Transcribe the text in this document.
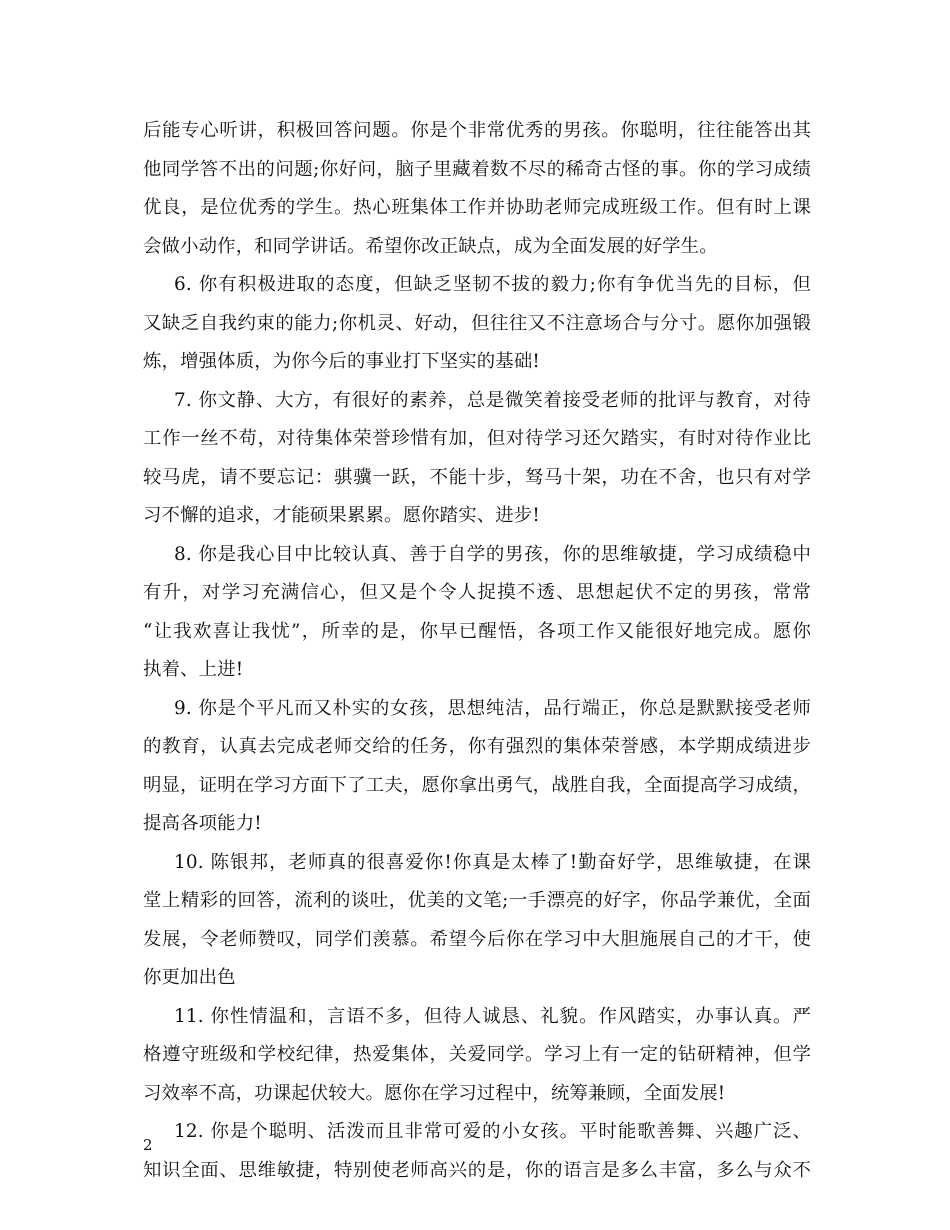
后能专心听讲，积极回答问题。你是个非常优秀的男孩。你聪明，往往能答出其
他同学答不出的问题;你好问，脑子里藏着数不尽的稀奇古怪的事。你的学习成绩
优良，是位优秀的学生。热心班集体工作并协助老师完成班级工作。但有时上课
会做小动作，和同学讲话。希望你改正缺点，成为全面发展的好学生。
6. 你有积极进取的态度，但缺乏坚韧不拔的毅力;你有争优当先的目标，但
又缺乏自我约束的能力;你机灵、好动，但往往又不注意场合与分寸。愿你加强锻
炼，增强体质，为你今后的事业打下坚实的基础!
7. 你文静、大方，有很好的素养，总是微笑着接受老师的批评与教育，对待
工作一丝不苟，对待集体荣誉珍惜有加，但对待学习还欠踏实，有时对待作业比
较马虎，请不要忘记：骐骥一跃，不能十步，驽马十架，功在不舍，也只有对学
习不懈的追求，才能硕果累累。愿你踏实、进步!
8. 你是我心目中比较认真、善于自学的男孩，你的思维敏捷，学习成绩稳中
有升，对学习充满信心，但又是个令人捉摸不透、思想起伏不定的男孩，常常
“让我欢喜让我忧”，所幸的是，你早已醒悟，各项工作又能很好地完成。愿你
执着、上进!
9. 你是个平凡而又朴实的女孩，思想纯洁，品行端正，你总是默默接受老师
的教育，认真去完成老师交给的任务，你有强烈的集体荣誉感，本学期成绩进步
明显，证明在学习方面下了工夫，愿你拿出勇气，战胜自我，全面提高学习成绩，
提高各项能力!
10. 陈银邦，老师真的很喜爱你!你真是太棒了!勤奋好学，思维敏捷，在课
堂上精彩的回答，流利的谈吐，优美的文笔;一手漂亮的好字，你品学兼优，全面
发展，令老师赞叹，同学们羡慕。希望今后你在学习中大胆施展自己的才干，使
你更加出色
11. 你性情温和，言语不多，但待人诚恳、礼貌。作风踏实，办事认真。严
格遵守班级和学校纪律，热爱集体，关爱同学。学习上有一定的钻研精神，但学
习效率不高，功课起伏较大。愿你在学习过程中，统筹兼顾，全面发展!
12. 你是个聪明、活泼而且非常可爱的小女孩。平时能歌善舞、兴趣广泛、
知识全面、思维敏捷，特别使老师高兴的是，你的语言是多么丰富，多么与众不
2
